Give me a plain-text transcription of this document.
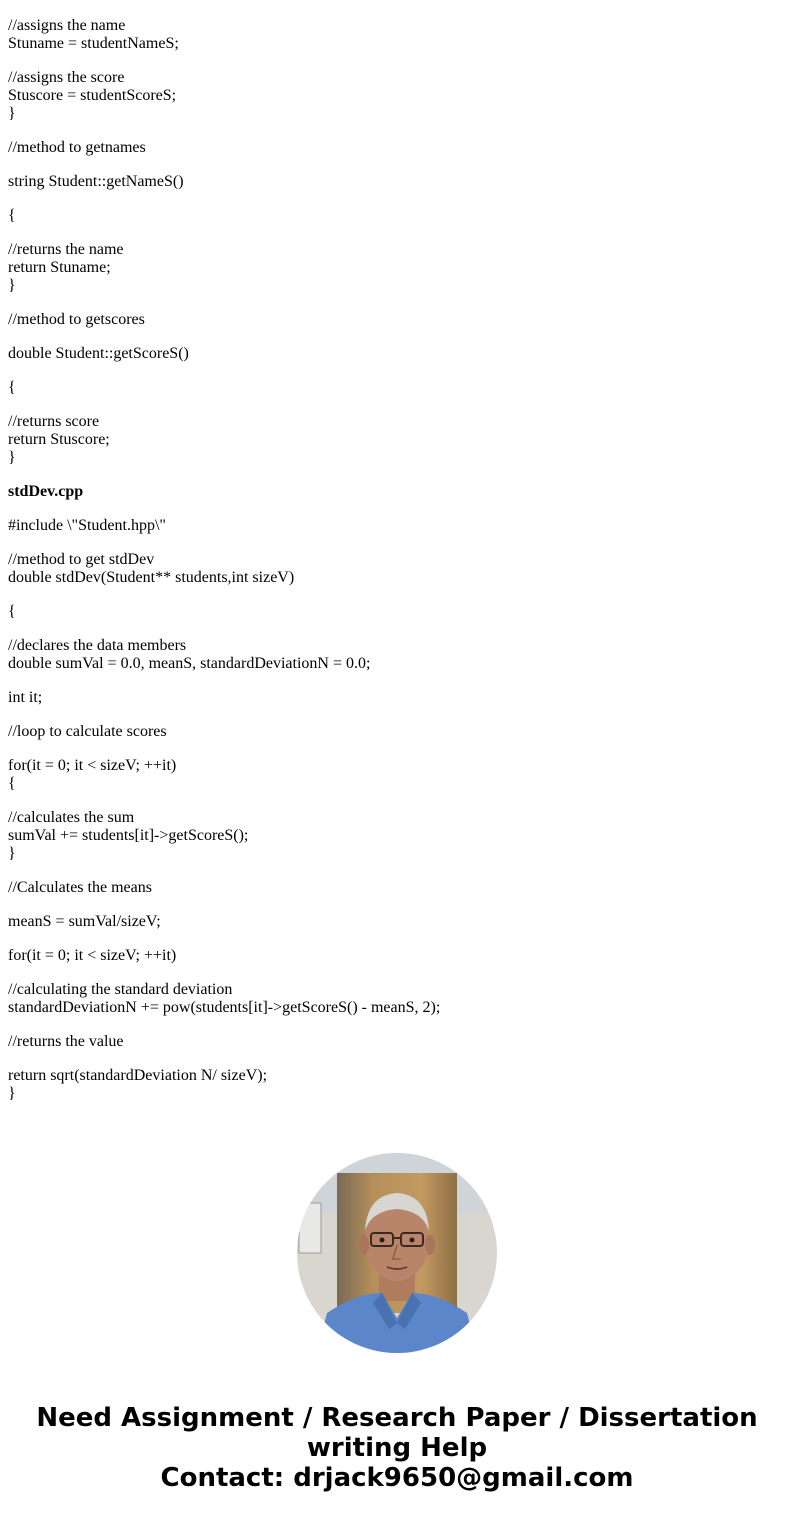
//assigns the name
Stuname = studentNameS;

//assigns the score
Stuscore = studentScoreS;
}

//method to getnames

string Student::getNameS()

{

//returns the name
return Stuname;
}

//method to getscores

double Student::getScoreS()

{

//returns score
return Stuscore;
}

stdDev.cpp

#include \"Student.hpp\"

//method to get stdDev
double stdDev(Student** students,int sizeV)

{

//declares the data members
double sumVal = 0.0, meanS, standardDeviationN = 0.0;

int it;

//loop to calculate scores

for(it = 0; it < sizeV; ++it)
{

//calculates the sum
sumVal += students[it]->getScoreS();
}

//Calculates the means

meanS = sumVal/sizeV;

for(it = 0; it < sizeV; ++it)

//calculating the standard deviation
standardDeviationN += pow(students[it]->getScoreS() - meanS, 2);

//returns the value

return sqrt(standardDeviation N/ sizeV);
}

Need Assignment / Research Paper / Dissertation
writing Help
Contact: drjack9650@gmail.com
